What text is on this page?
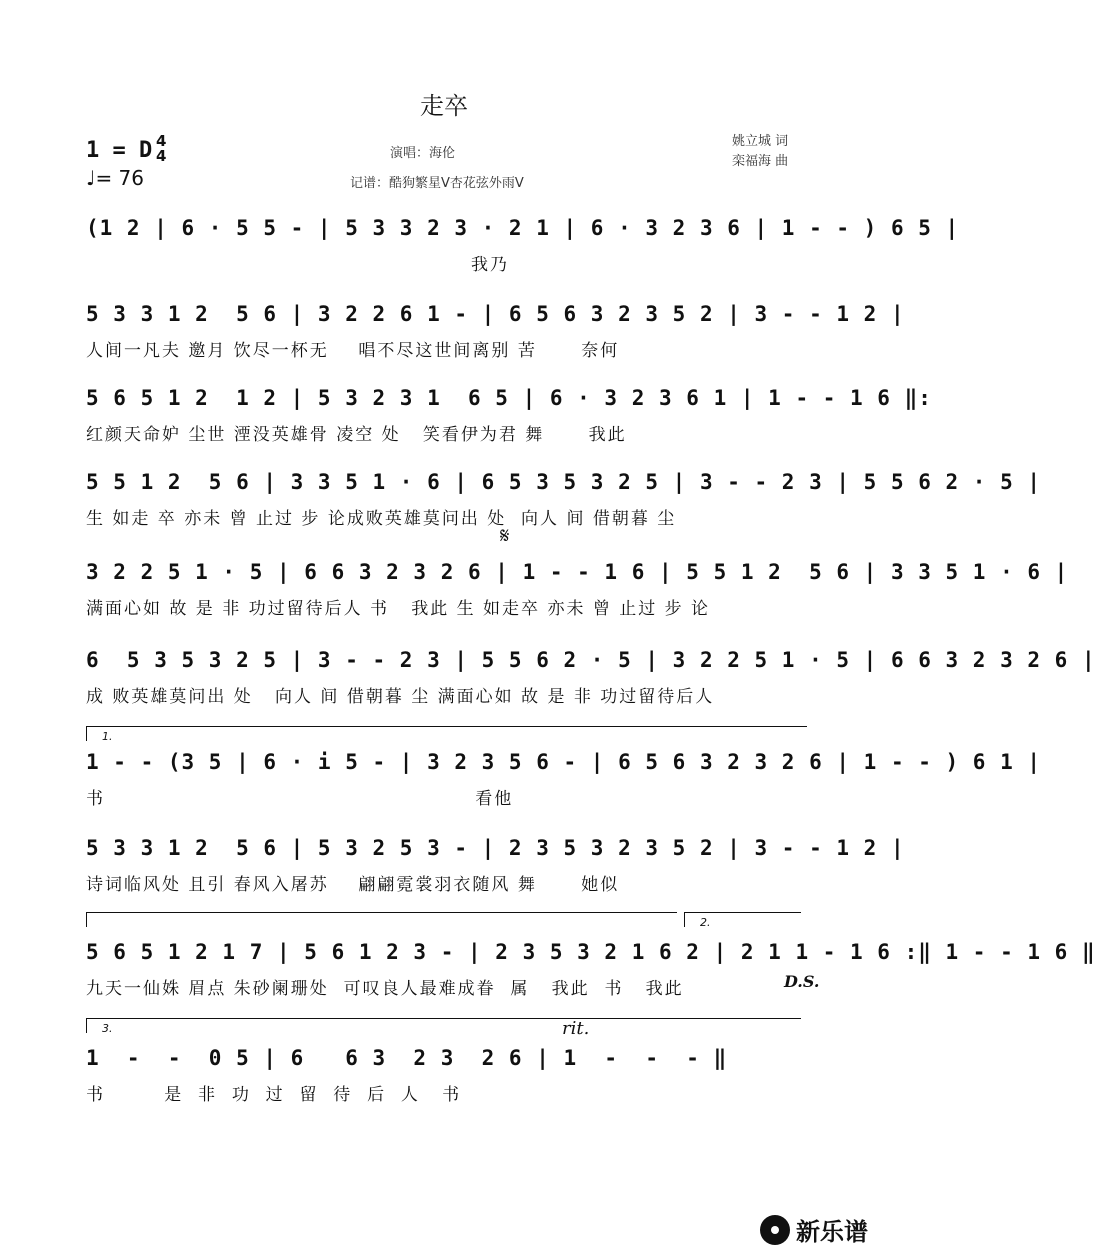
走卒
1 = D 4
4
♩= 76
演唱：海伦
记谱：酷狗繁星V杏花弦外雨V
姚立城 词
栾福海 曲
(1 2 | 6 · 5 5 - | 5 3 3 2 3 · 2 1 | 6 · 3 2 3 6 | 1 - - ) 6 5 |
我乃
5 3 3 1 2  5 6 | 3 2 2 6 1 - | 6 5 6 3 2 3 5 2 | 3 - - 1 2 |
人间一凡夫 邀月 饮尽一杯无    唱不尽这世间离别 苦      奈何
5 6 5 1 2  1 2 | 5 3 2 3 1  6 5 | 6 · 3 2 3 6 1 | 1 - - 1 6 ‖:
红颜天命妒 尘世 湮没英雄骨 凌空 处   笑看伊为君 舞      我此
5 5 1 2  5 6 | 3 3 5 1 · 6 | 6 5 3 5 3 2 5 | 3 - - 2 3 | 5 5 6 2 · 5 |
生 如走 卒 亦未 曾 止过 步 论成败英雄莫问出 处  向人 间 借朝暮 尘
𝄋
3 2 2 5 1 · 5 | 6 6 3 2 3 2 6 | 1 - - 1 6 | 5 5 1 2  5 6 | 3 3 5 1 · 6 |
满面心如 故 是 非 功过留待后人 书   我此 生 如走卒 亦未 曾 止过 步 论
6  5 3 5 3 2 5 | 3 - - 2 3 | 5 5 6 2 · 5 | 3 2 2 5 1 · 5 | 6 6 3 2 3 2 6 |
成 败英雄莫问出 处   向人 间 借朝暮 尘 满面心如 故 是 非 功过留待后人
1.
1 - - (3 5 | 6 · i 5 - | 3 2 3 5 6 - | 6 5 6 3 2 3 2 6 | 1 - - ) 6 1 |
书                                                  看他
5 3 3 1 2  5 6 | 5 3 2 5 3 - | 2 3 5 3 2 3 5 2 | 3 - - 1 2 |
诗词临风处 且引 春风入屠苏    翩翩霓裳羽衣随风 舞      她似
2.
5 6 5 1 2 1 7 | 5 6 1 2 3 - | 2 3 5 3 2 1 6 2 | 2 1 1 - 1 6 :‖ 1 - - 1 6 ‖
九天一仙姝 眉点 朱砂阑珊处  可叹良人最难成眷  属   我此  书   我此	D.S.
3.	rit.
1  -  -  0 5 | 6   6 3  2 3  2 6 | 1  -  -  - ‖
书        是  非  功  过  留  待  后  人   书
新乐谱
